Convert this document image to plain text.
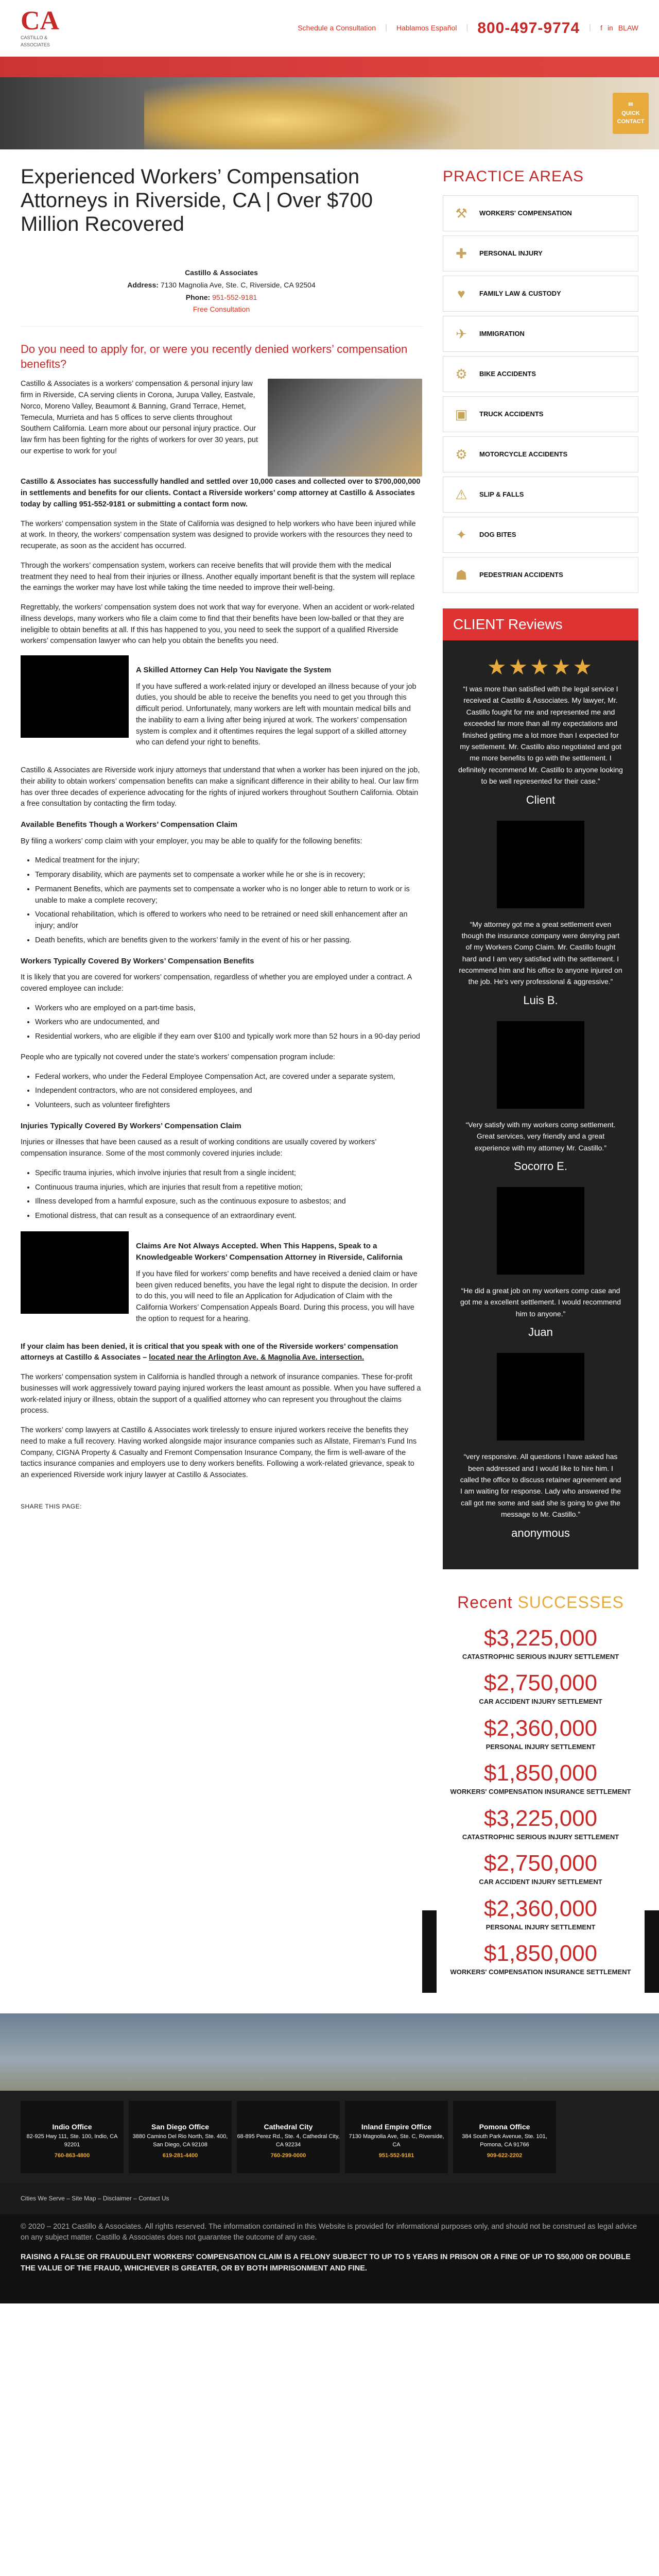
CA
CASTILLO & ASSOCIATES
Schedule a Consultation | Hablamos Español | 800-497-9774 | f in BLAW
✉
QUICK CONTACT
Experienced Workers’ Compensation Attorneys in Riverside, CA | Over $700 Million Recovered
Castillo & Associates
Address: 7130 Magnolia Ave, Ste. C, Riverside, CA 92504
Phone: 951-552-9181
Free Consultation
Do you need to apply for, or were you recently denied workers’ compensation benefits?

Castillo & Associates is a workers’ compensation & personal injury law firm in Riverside, CA serving clients in Corona, Jurupa Valley, Eastvale, Norco, Moreno Valley, Beaumont & Banning, Grand Terrace, Hemet, Temecula, Murrieta and has 5 offices to serve clients throughout Southern California. Learn more about our personal injury practice. Our law firm has been fighting for the rights of workers for over 30 years, put our expertise to work for you!

Castillo & Associates has successfully handled and settled over 10,000 cases and collected over to $700,000,000 in settlements and benefits for our clients. Contact a Riverside workers’ comp attorney at Castillo & Associates today by calling 951-552-9181 or submitting a contact form now.

The workers’ compensation system in the State of California was designed to help workers who have been injured while at work. In theory, the workers’ compensation system was designed to provide workers with the resources they need to recuperate, as soon as the accident has occurred.

Through the workers’ compensation system, workers can receive benefits that will provide them with the medical treatment they need to heal from their injuries or illness. Another equally important benefit is that the system will replace the earnings the worker may have lost while taking the time needed to improve their well-being.

Regrettably, the workers’ compensation system does not work that way for everyone. When an accident or work-related illness develops, many workers who file a claim come to find that their benefits have been low-balled or that they are ineligible to obtain benefits at all. If this has happened to you, you need to seek the support of a qualified Riverside workers’ compensation lawyer who can help you obtain the benefits you need.

A Skilled Attorney Can Help You Navigate the System

If you have suffered a work-related injury or developed an illness because of your job duties, you should be able to receive the benefits you need to get you through this difficult period. Unfortunately, many workers are left with mountain medical bills and the inability to earn a living after being injured at work. The workers’ compensation system is complex and it oftentimes requires the legal support of a skilled attorney who can defend your right to benefits.

Castillo & Associates are Riverside work injury attorneys that understand that when a worker has been injured on the job, their ability to obtain workers’ compensation benefits can make a significant difference in their ability to heal. Our law firm has over three decades of experience advocating for the rights of injured workers throughout Southern California. Obtain a free consultation by contacting the firm today.

Available Benefits Though a Workers’ Compensation Claim

By filing a workers’ comp claim with your employer, you may be able to qualify for the following benefits:

• Medical treatment for the injury;
• Temporary disability, which are payments set to compensate a worker while he or she is in recovery;
• Permanent Benefits, which are payments set to compensate a worker who is no longer able to return to work or is unable to make a complete recovery;
• Vocational rehabilitation, which is offered to workers who need to be retrained or need skill enhancement after an injury; and/or
• Death benefits, which are benefits given to the workers’ family in the event of his or her passing.
Workers Typically Covered By Workers’ Compensation Benefits

It is likely that you are covered for workers’ compensation, regardless of whether you are employed under a contract. A covered employee can include:

• Workers who are employed on a part-time basis,
• Workers who are undocumented, and
• Residential workers, who are eligible if they earn over $100 and typically work more than 52 hours in a 90-day period

People who are typically not covered under the state’s workers’ compensation program include:

• Federal workers, who under the Federal Employee Compensation Act, are covered under a separate system,
• Independent contractors, who are not considered employees, and
• Volunteers, such as volunteer firefighters
Injuries Typically Covered By Workers’ Compensation Claim

Injuries or illnesses that have been caused as a result of working conditions are usually covered by workers’ compensation insurance. Some of the most commonly covered injuries include:

• Specific trauma injuries, which involve injuries that result from a single incident;
• Continuous trauma injuries, which are injuries that result from a repetitive motion;
• Illness developed from a harmful exposure, such as the continuous exposure to asbestos; and
• Emotional distress, that can result as a consequence of an extraordinary event.
Claims Are Not Always Accepted. When This Happens, Speak to a Knowledgeable Workers’ Compensation Attorney in Riverside, California

If you have filed for workers’ comp benefits and have received a denied claim or have been given reduced benefits, you have the legal right to dispute the decision. In order to do this, you will need to file an Application for Adjudication of Claim with the California Workers’ Compensation Appeals Board. During this process, you will have the option to request for a hearing.

If your claim has been denied, it is critical that you speak with one of the Riverside workers’ compensation attorneys at Castillo & Associates – located near the Arlington Ave. & Magnolia Ave. intersection.

The workers’ compensation system in California is handled through a network of insurance companies. These for-profit businesses will work aggressively toward paying injured workers the least amount as possible. When you have suffered a work-related injury or illness, obtain the support of a qualified attorney who can represent you throughout the claims process.

The workers’ comp lawyers at Castillo & Associates work tirelessly to ensure injured workers receive the benefits they need to make a full recovery. Having worked alongside major insurance companies such as Allstate, Fireman’s Fund Ins Company, CIGNA Property & Casualty and Fremont Compensation Insurance Company, the firm is well-aware of the tactics insurance companies and employers use to deny workers benefits. Following a work-related grievance, speak to an experienced Riverside work injury lawyer at Castillo & Associates.

SHARE THIS PAGE:
PRACTICE AREAS
⚒	WORKERS' COMPENSATION
✚	PERSONAL INJURY
♥	FAMILY LAW & CUSTODY
✈	IMMIGRATION
⚙	BIKE ACCIDENTS
▣	TRUCK ACCIDENTS
⚙	MOTORCYCLE ACCIDENTS
⚠	SLIP & FALLS
✦	DOG BITES
☗	PEDESTRIAN ACCIDENTS
CLIENT Reviews
★★★★★
“I was more than satisfied with the legal service I received at Castillo & Associates. My lawyer, Mr. Castillo fought for me and represented me and exceeded far more than all my expectations and finished getting me a lot more than I expected for my settlement. Mr. Castillo also negotiated and got me more benefits to go with the settlement. I definitely recommend Mr. Castillo to anyone looking to be well represented for their case.”
Client
“My attorney got me a great settlement even though the insurance company were denying part of my Workers Comp Claim. Mr. Castillo fought hard and I am very satisfied with the settlement. I recommend him and his office to anyone injured on the job. He’s very professional & aggressive.”
Luis B.
“Very satisfy with my workers comp settlement. Great services, very friendly and a great experience with my attorney Mr. Castillo.”
Socorro E.
“He did a great job on my workers comp case and got me a excellent settlement. I would recommend him to anyone.”
Juan
“very responsive. All questions I have asked has been addressed and I would like to hire him. I called the office to discuss retainer agreement and I am waiting for response. Lady who answered the call got me some and said she is going to give the message to Mr. Castillo.”
anonymous
Recent SUCCESSES
$3,225,000
CATASTROPHIC SERIOUS INJURY SETTLEMENT
$2,750,000
CAR ACCIDENT INJURY SETTLEMENT
$2,360,000
PERSONAL INJURY SETTLEMENT
$1,850,000
WORKERS' COMPENSATION INSURANCE SETTLEMENT
$3,225,000
CATASTROPHIC SERIOUS INJURY SETTLEMENT
$2,750,000
CAR ACCIDENT INJURY SETTLEMENT
$2,360,000
PERSONAL INJURY SETTLEMENT
$1,850,000
WORKERS' COMPENSATION INSURANCE SETTLEMENT
Indio Office
82-925 Hwy 111, Ste. 100, Indio, CA 92201
760-863-4800
San Diego Office
3880 Camino Del Rio North, Ste. 400, San Diego, CA 92108
619-281-4400
Cathedral City
68-895 Perez Rd., Ste. 4, Cathedral City, CA 92234
760-299-0000
Inland Empire Office
7130 Magnolia Ave, Ste. C, Riverside, CA
951-552-9181
Pomona Office
384 South Park Avenue, Ste. 101, Pomona, CA 91766
909-622-2202
Cities We Serve – Site Map – Disclaimer – Contact Us

© 2020 – 2021 Castillo & Associates. All rights reserved. The information contained in this Website is provided for informational purposes only, and should not be construed as legal advice on any subject matter. Castillo & Associates does not guarantee the outcome of any case.

RAISING A FALSE OR FRAUDULENT WORKERS' COMPENSATION CLAIM IS A FELONY SUBJECT TO UP TO 5 YEARS IN PRISON OR A FINE OF UP TO $50,000 OR DOUBLE THE VALUE OF THE FRAUD, WHICHEVER IS GREATER, OR BY BOTH IMPRISONMENT AND FINE.
